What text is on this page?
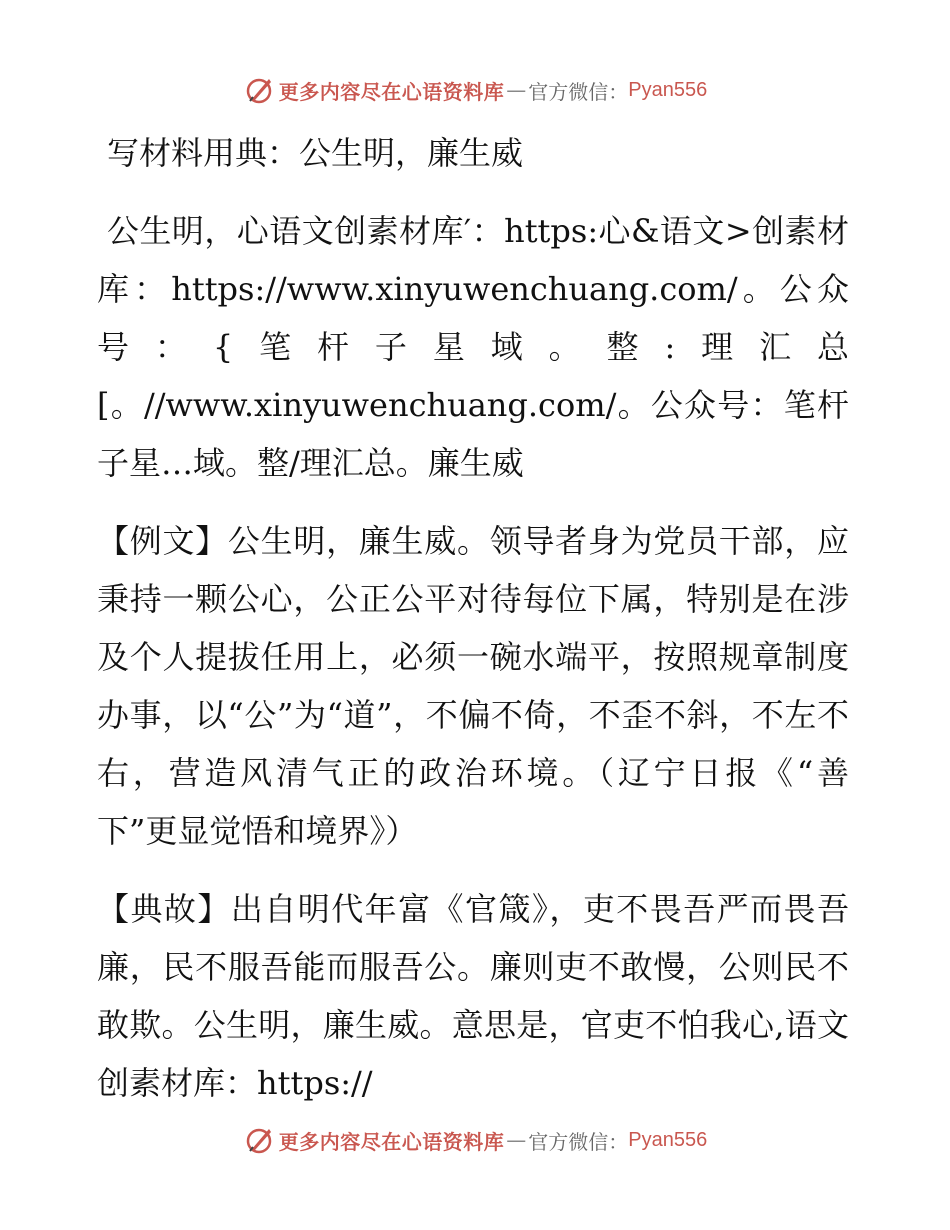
更多内容尽在心语资料库 — 官方微信： Pyan556

写材料用典：公生明，廉生威

公生明，心语文创素材库′：https:心&语文>创素材库：https://www.xinyuwenchuang.com/。公众号：{笔杆子星域。整:理汇总[。//www.xinyuwenchuang.com/。公众号：笔杆子星…域。整/理汇总。廉生威

【例文】公生明，廉生威。领导者身为党员干部，应秉持一颗公心，公正公平对待每位下属，特别是在涉及个人提拔任用上，必须一碗水端平，按照规章制度办事，以“公”为“道”，不偏不倚，不歪不斜，不左不右，营造风清气正的政治环境。（辽宁日报《“善下”更显觉悟和境界》）

【典故】出自明代年富《官箴》，吏不畏吾严而畏吾廉，民不服吾能而服吾公。廉则吏不敢慢，公则民不敢欺。公生明，廉生威。意思是，官吏不怕我心,语文创素材库：https://

更多内容尽在心语资料库 — 官方微信： Pyan556
